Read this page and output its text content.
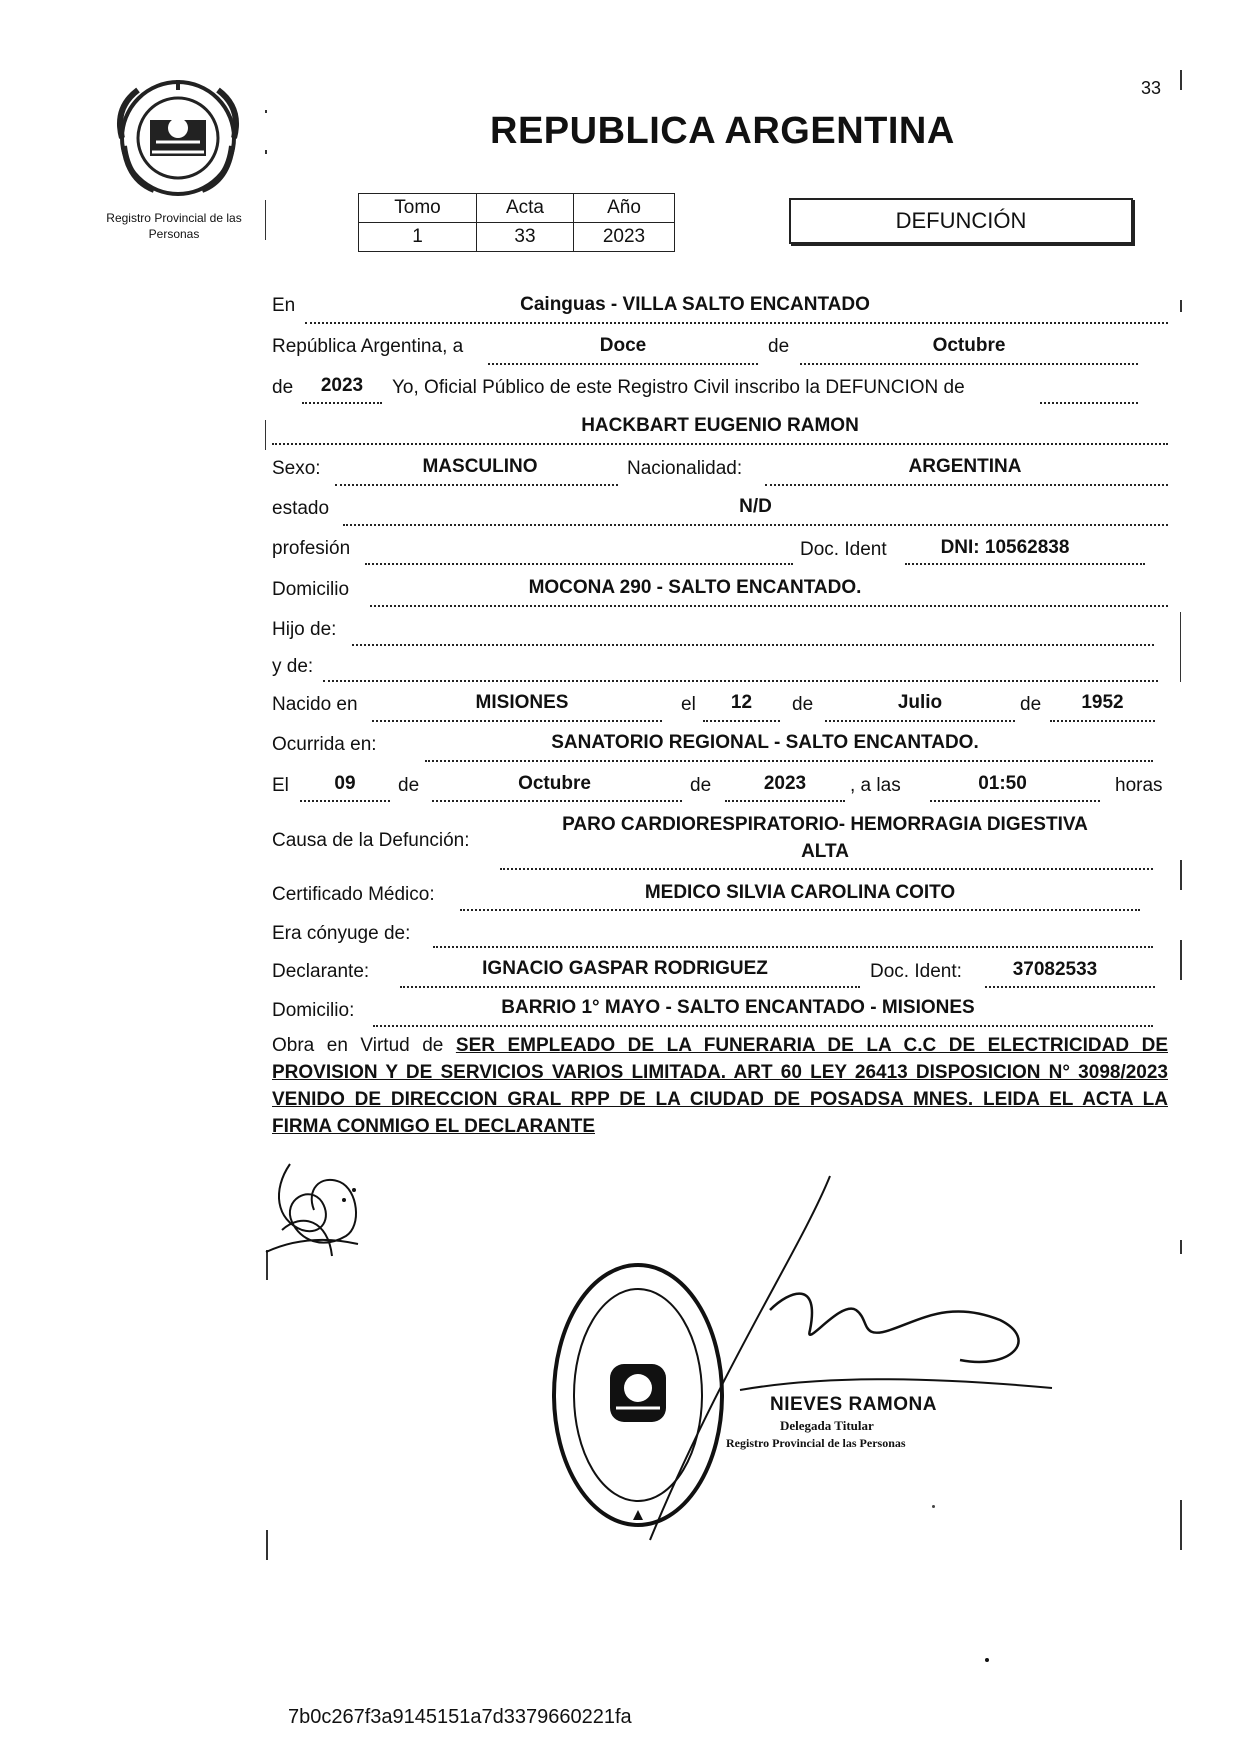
33
Registro Provincial de las Personas
REPUBLICA ARGENTINA
Tomo	Acta	Año
1	33	2023
DEFUNCIÓN
En	Cainguas - VILLA SALTO ENCANTADO
República Argentina, a	Doce	de	Octubre
de	2023	Yo, Oficial Público de este Registro Civil inscribo la DEFUNCION de
HACKBART EUGENIO RAMON
Sexo:	MASCULINO	Nacionalidad:	ARGENTINA
estado	N/D
profesión	Doc. Ident	DNI: 10562838
Domicilio	MOCONA 290 - SALTO ENCANTADO.
Hijo de:
y de:
Nacido en	MISIONES	el	12	de	Julio	de	1952
Ocurrida en:	SANATORIO REGIONAL - SALTO ENCANTADO.
El	09	de	Octubre	de	2023	, a las	01:50	horas
Causa de la Defunción:
PARO CARDIORESPIRATORIO- HEMORRAGIA DIGESTIVA
ALTA
Certificado Médico:	MEDICO SILVIA CAROLINA COITO
Era cónyuge de:
Declarante:	IGNACIO GASPAR RODRIGUEZ	Doc. Ident:	37082533
Domicilio:	BARRIO 1° MAYO - SALTO ENCANTADO - MISIONES
Obra en Virtud de SER EMPLEADO DE LA FUNERARIA DE LA C.C DE ELECTRICIDAD DE PROVISION Y DE SERVICIOS VARIOS LIMITADA. ART 60 LEY 26413 DISPOSICION N° 3098/2023 VENIDO DE DIRECCION GRAL RPP DE LA CIUDAD DE POSADSA MNES. LEIDA EL ACTA LA FIRMA CONMIGO EL DECLARANTE
NIEVES RAMONA
Delegada Titular
Registro Provincial de las Personas
7b0c267f3a9145151a7d3379660221fa
